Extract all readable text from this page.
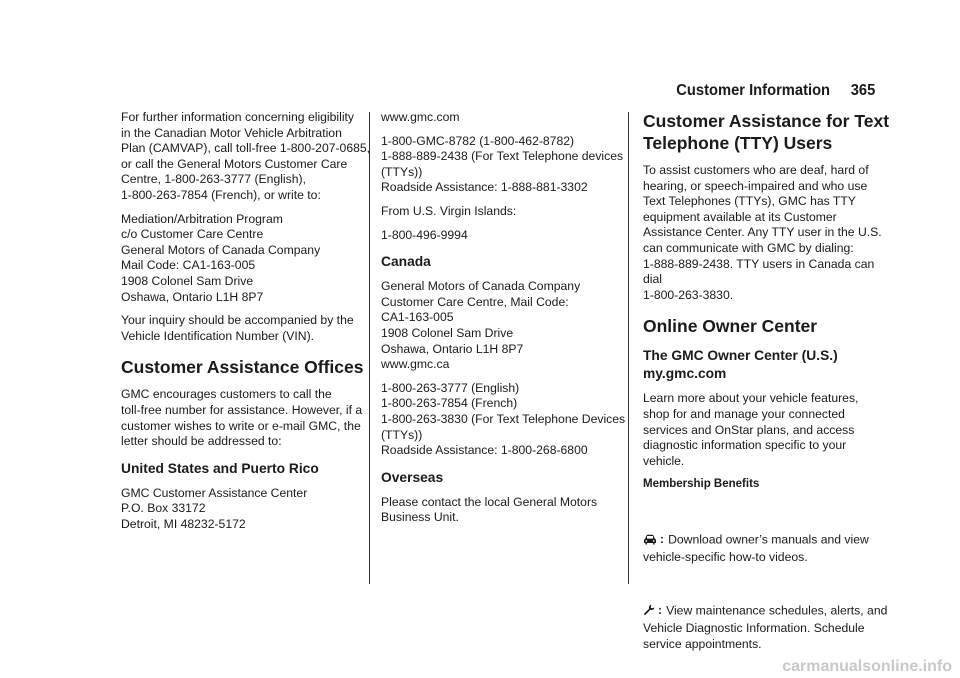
Customer Information 365

For further information concerning eligibility
in the Canadian Motor Vehicle Arbitration
Plan (CAMVAP), call toll-free 1-800-207-0685,
or call the General Motors Customer Care
Centre, 1-800-263-3777 (English),
1-800-263-7854 (French), or write to:

Mediation/Arbitration Program
c/o Customer Care Centre
General Motors of Canada Company
Mail Code: CA1-163-005
1908 Colonel Sam Drive
Oshawa, Ontario L1H 8P7

Your inquiry should be accompanied by the
Vehicle Identification Number (VIN).

Customer Assistance Offices

GMC encourages customers to call the
toll-free number for assistance. However, if a
customer wishes to write or e-mail GMC, the
letter should be addressed to:

United States and Puerto Rico

GMC Customer Assistance Center
P.O. Box 33172
Detroit, MI 48232-5172

www.gmc.com

1-800-GMC-8782 (1-800-462-8782)
1-888-889-2438 (For Text Telephone devices
(TTYs))
Roadside Assistance: 1-888-881-3302

From U.S. Virgin Islands:

1-800-496-9994

Canada

General Motors of Canada Company
Customer Care Centre, Mail Code:
CA1-163-005
1908 Colonel Sam Drive
Oshawa, Ontario L1H 8P7
www.gmc.ca

1-800-263-3777 (English)
1-800-263-7854 (French)
1-800-263-3830 (For Text Telephone Devices
(TTYs))
Roadside Assistance: 1-800-268-6800

Overseas

Please contact the local General Motors
Business Unit.

Customer Assistance for Text
Telephone (TTY) Users

To assist customers who are deaf, hard of
hearing, or speech-impaired and who use
Text Telephones (TTYs), GMC has TTY
equipment available at its Customer
Assistance Center. Any TTY user in the U.S.
can communicate with GMC by dialing:
1-888-889-2438. TTY users in Canada can dial
1-800-263-3830.

Online Owner Center
The GMC Owner Center (U.S.)
my.gmc.com

Learn more about your vehicle features,
shop for and manage your connected
services and OnStar plans, and access
diagnostic information specific to your
vehicle.

Membership Benefits

: Download owner’s manuals and view
vehicle-specific how-to videos.

: View maintenance schedules, alerts, and
Vehicle Diagnostic Information. Schedule
service appointments.

carmanualsonline.info
